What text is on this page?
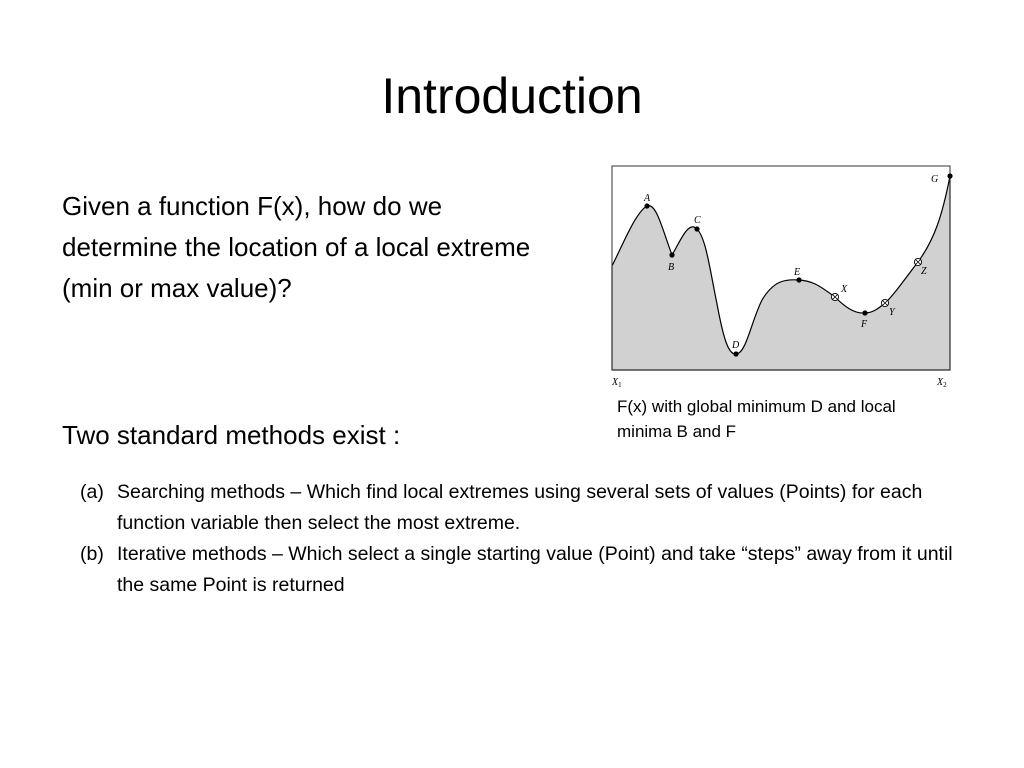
Introduction
Given a function F(x), how do we determine the location of a local extreme (min or max value)?
A
B
C
D
E
F
G
X
Y
Z
$X_1$	$X_2$
F(x) with global minimum D and local minima B and F
Two standard methods exist :
(a) Searching methods – Which find local extremes using several sets of values (Points) for each function variable then select the most extreme.
(b) Iterative methods – Which select a single starting value (Point) and take “steps” away from it until the same Point is returned
